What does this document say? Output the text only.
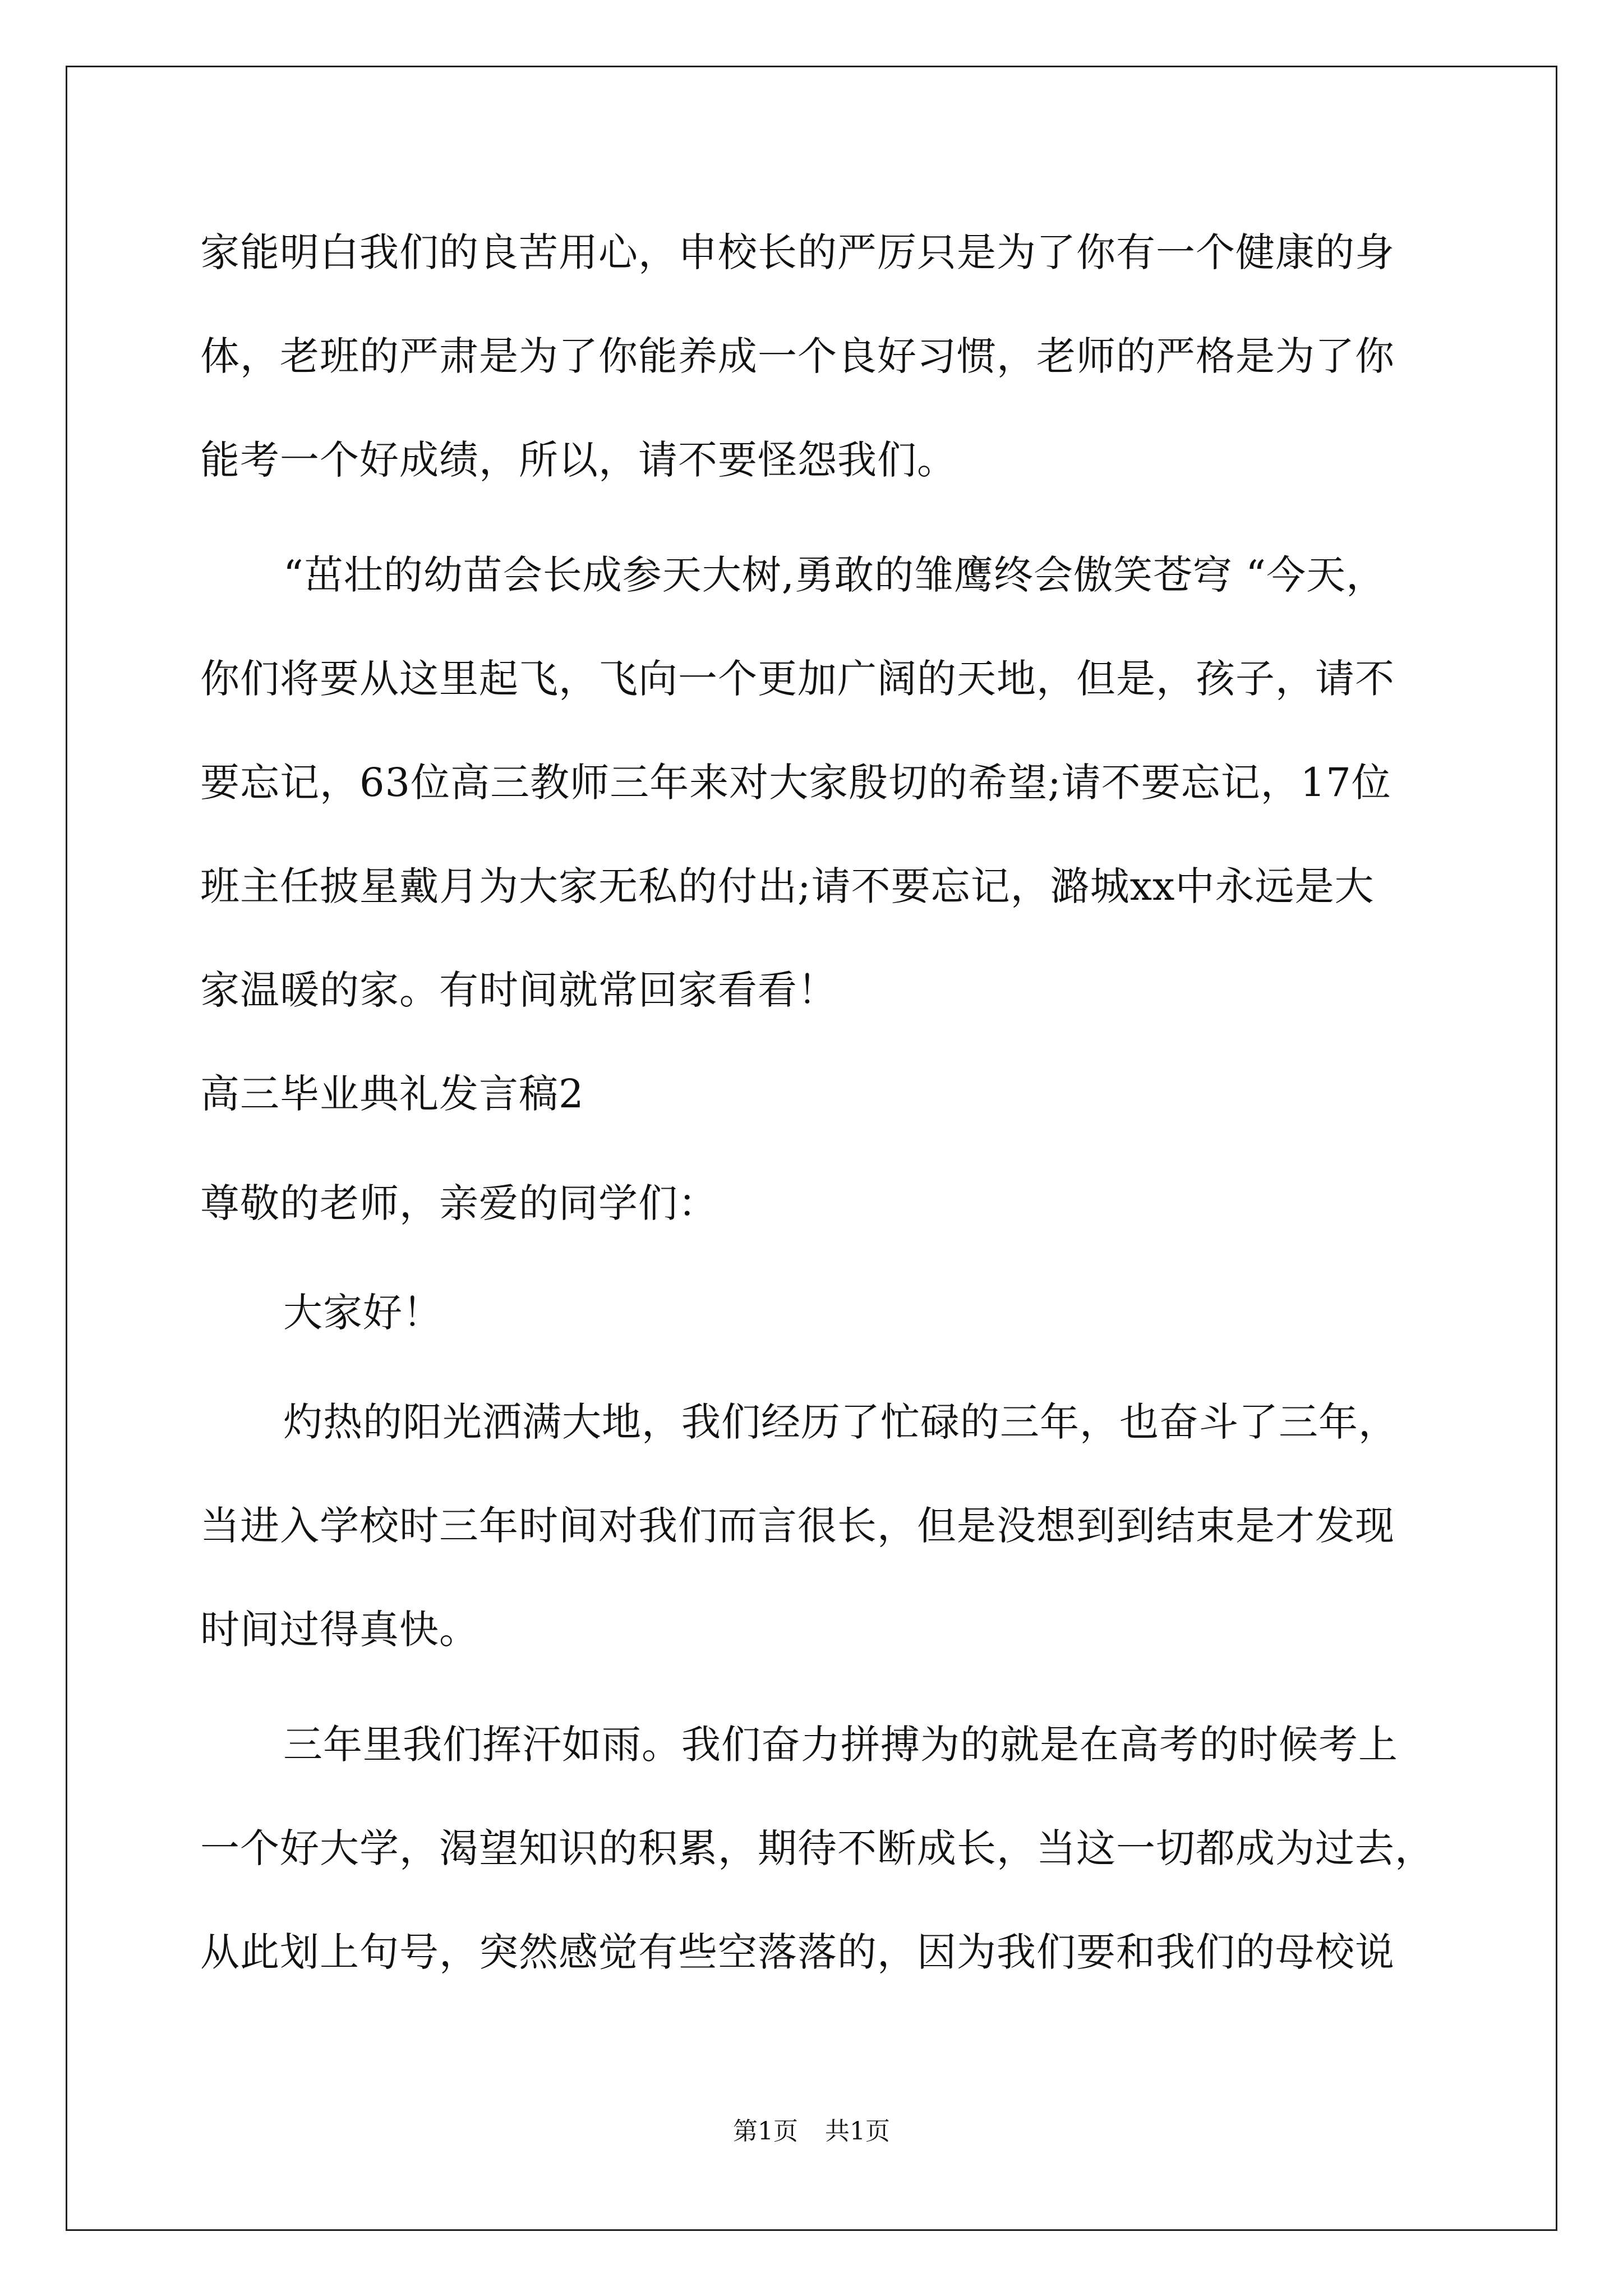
家能明白我们的良苦用心，申校长的严厉只是为了你有一个健康的身
体，老班的严肃是为了你能养成一个良好习惯，老师的严格是为了你
能考一个好成绩，所以，请不要怪怨我们。
“茁壮的幼苗会长成参天大树,勇敢的雏鹰终会傲笑苍穹 “今天，
你们将要从这里起飞，飞向一个更加广阔的天地，但是，孩子，请不
要忘记，63位高三教师三年来对大家殷切的希望;请不要忘记，17位
班主任披星戴月为大家无私的付出;请不要忘记，潞城xx中永远是大
家温暖的家。有时间就常回家看看！
高三毕业典礼发言稿2
尊敬的老师，亲爱的同学们：
大家好！
灼热的阳光洒满大地，我们经历了忙碌的三年，也奋斗了三年，
当进入学校时三年时间对我们而言很长，但是没想到到结束是才发现
时间过得真快。
三年里我们挥汗如雨。我们奋力拼搏为的就是在高考的时候考上
一个好大学，渴望知识的积累，期待不断成长，当这一切都成为过去，
从此划上句号，突然感觉有些空落落的，因为我们要和我们的母校说
第1页 共1页
